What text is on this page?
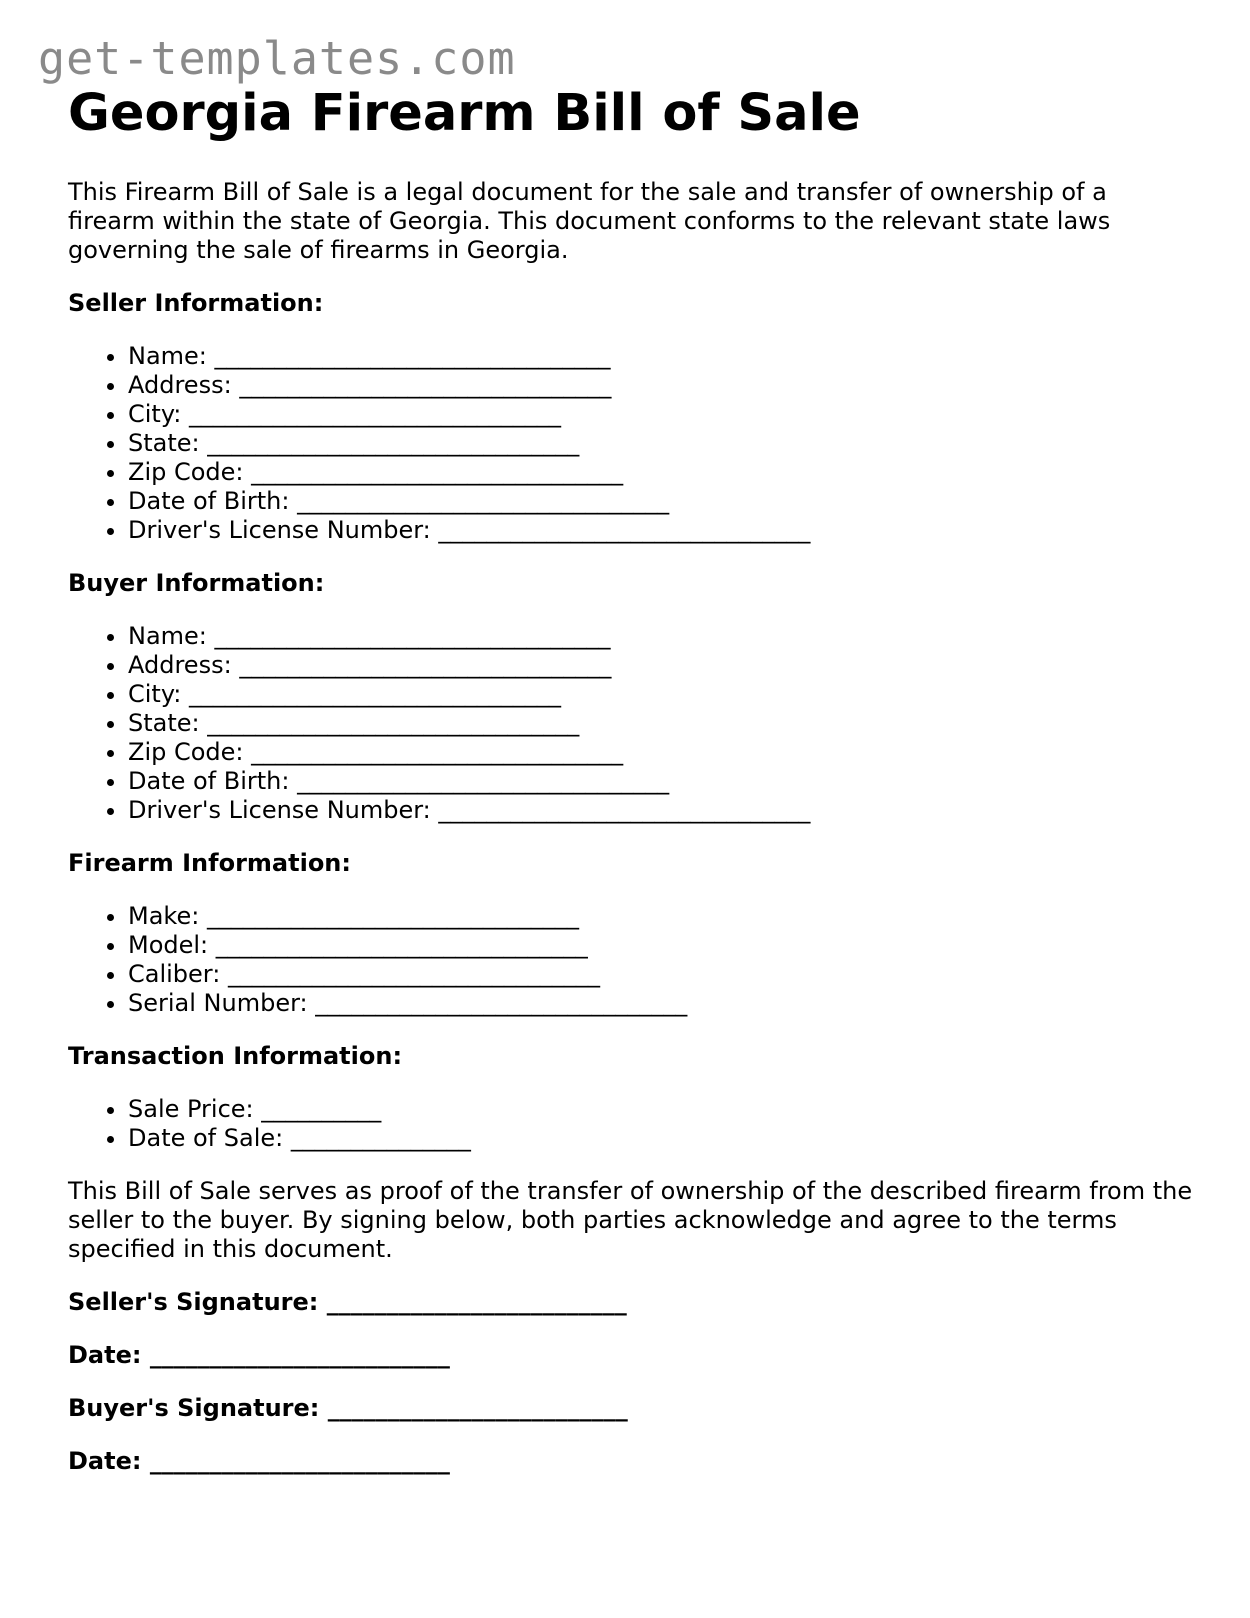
get-templates.com
Georgia Firearm Bill of Sale

This Firearm Bill of Sale is a legal document for the sale and transfer of ownership of a firearm within the state of Georgia. This document conforms to the relevant state laws governing the sale of firearms in Georgia.

Seller Information:

• Name: _________________________________
• Address: _______________________________
• City: _______________________________
• State: _______________________________
• Zip Code: _______________________________
• Date of Birth: _______________________________
• Driver's License Number: _______________________________

Buyer Information:

• Name: _________________________________
• Address: _______________________________
• City: _______________________________
• State: _______________________________
• Zip Code: _______________________________
• Date of Birth: _______________________________
• Driver's License Number: _______________________________

Firearm Information:

• Make: _______________________________
• Model: _______________________________
• Caliber: _______________________________
• Serial Number: _______________________________

Transaction Information:

• Sale Price: __________
• Date of Sale: _______________

This Bill of Sale serves as proof of the transfer of ownership of the described firearm from the seller to the buyer. By signing below, both parties acknowledge and agree to the terms specified in this document.

Seller's Signature: _________________________

Date: _________________________

Buyer's Signature: _________________________

Date: _________________________
